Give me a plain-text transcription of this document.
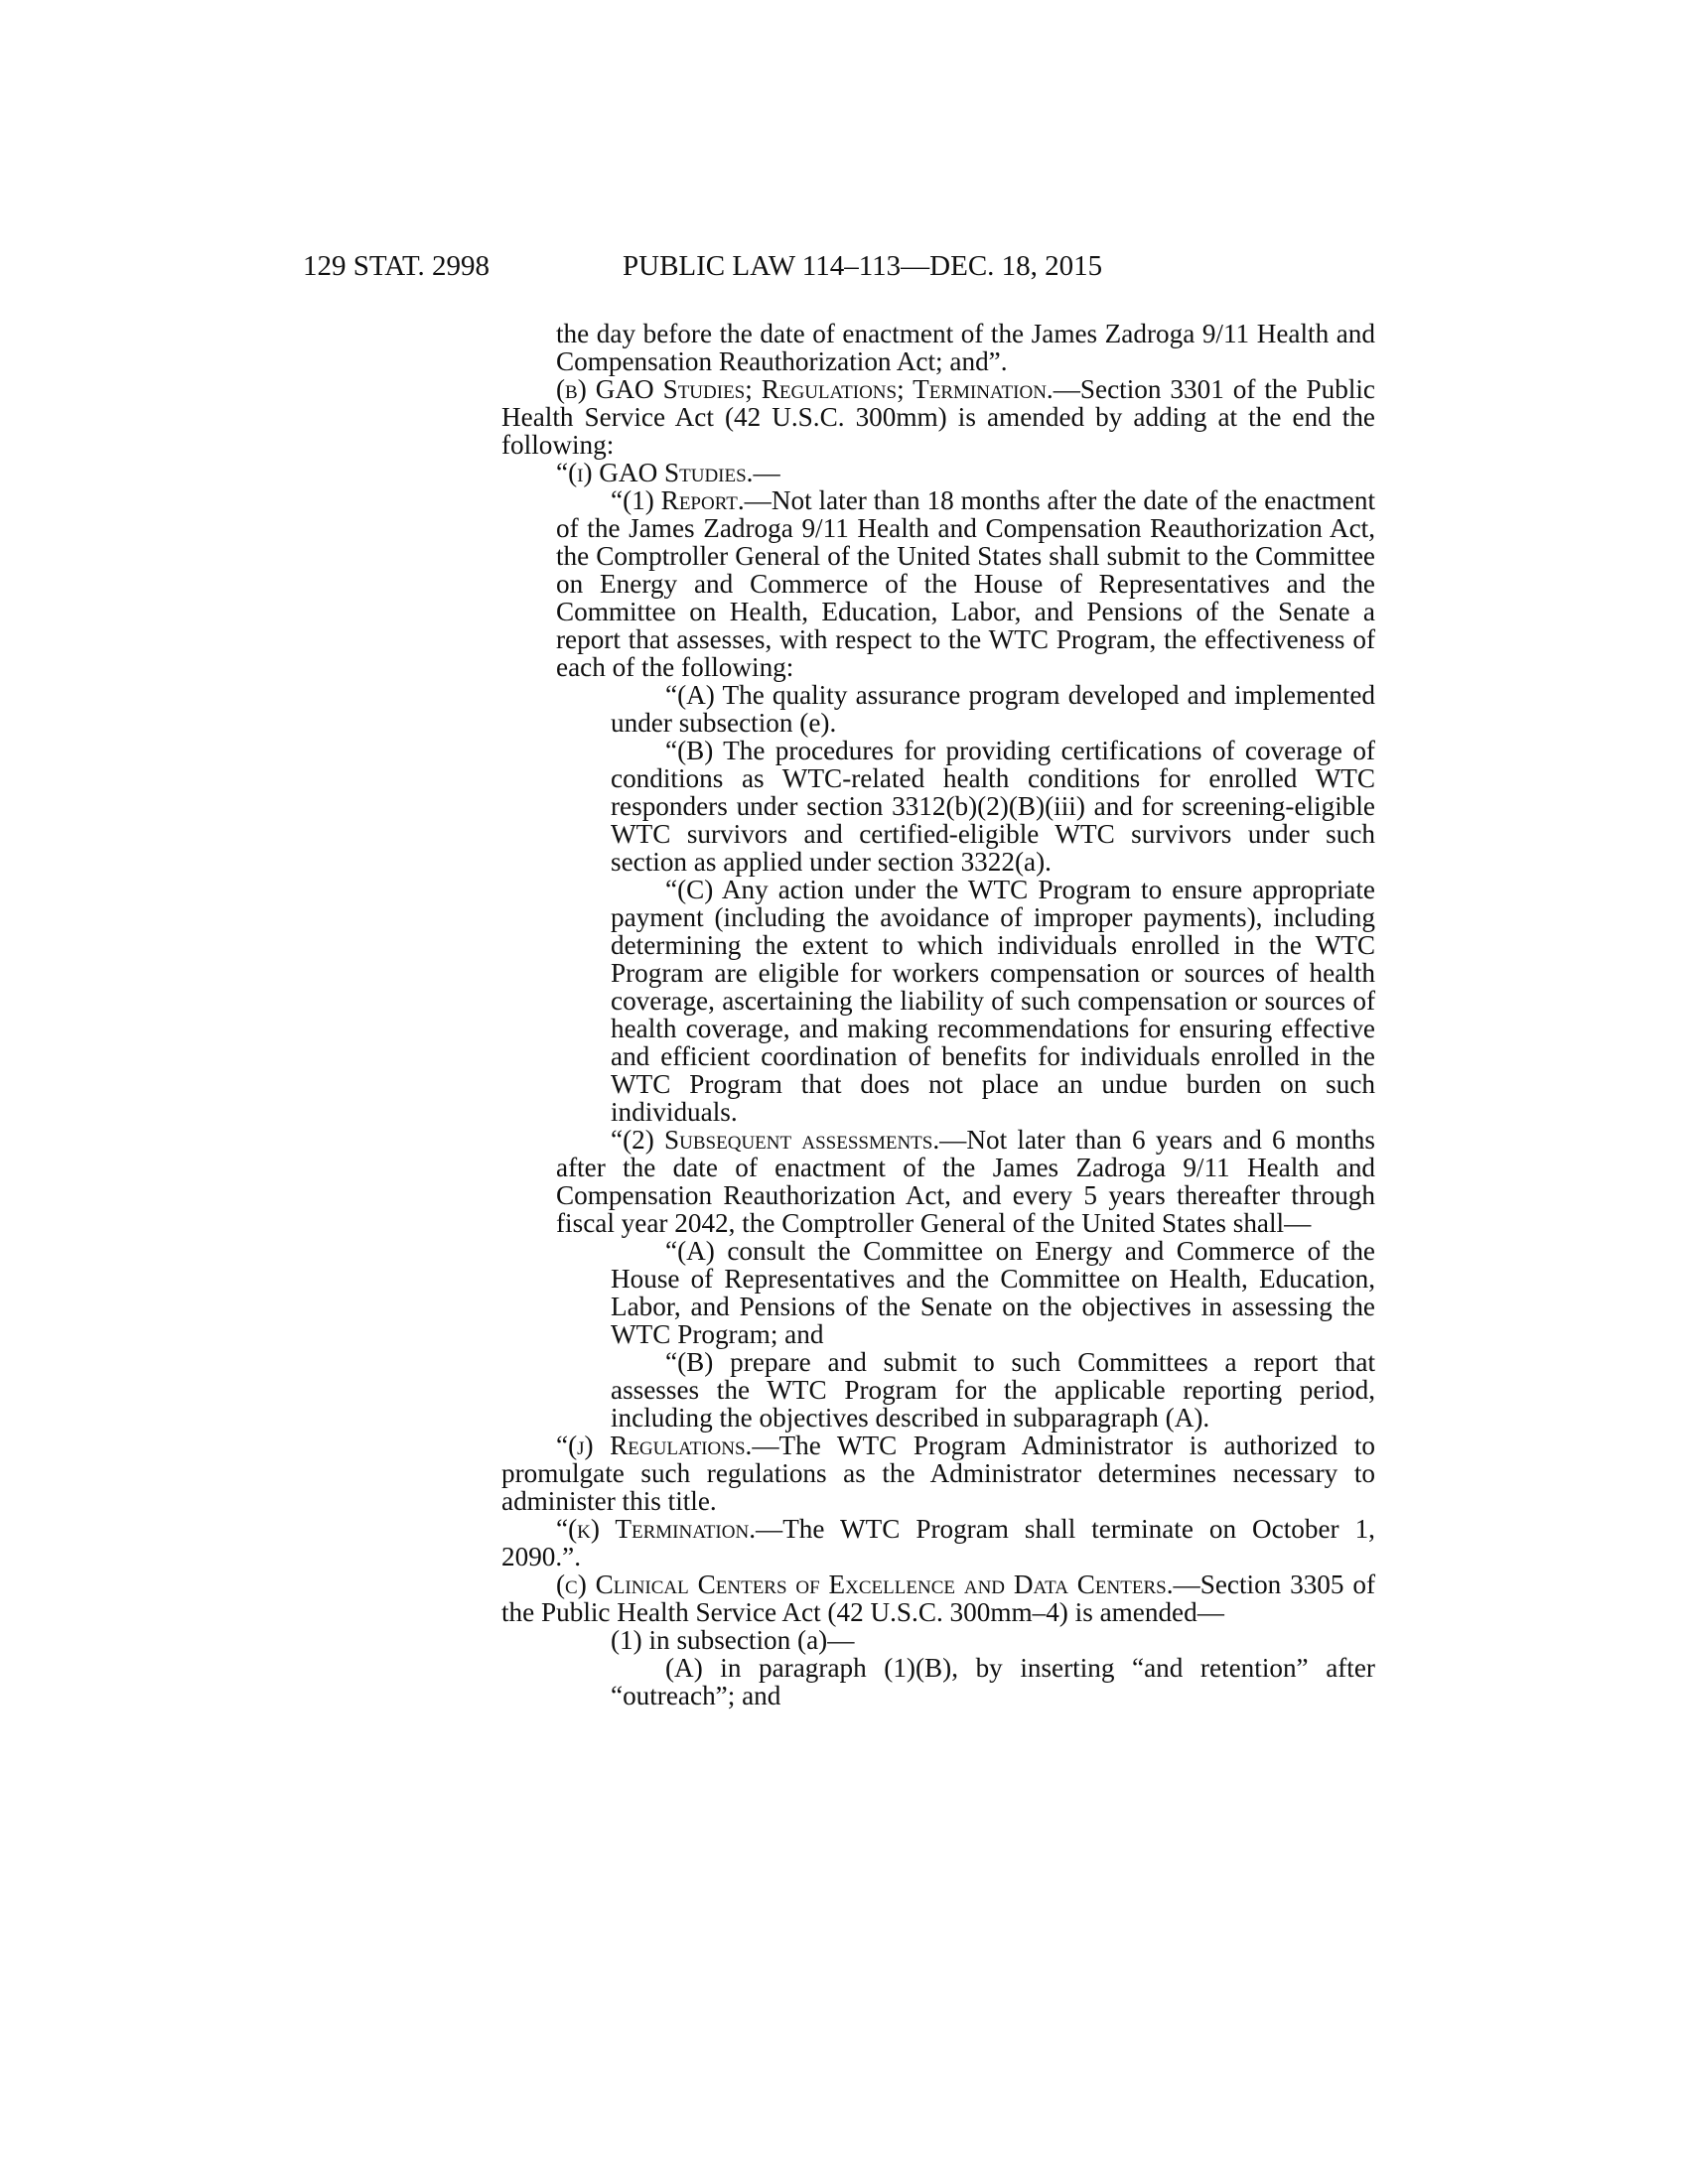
129 STAT. 2998	PUBLIC LAW 114–113—DEC. 18, 2015

the day before the date of enactment of the James Zadroga 9/11 Health and Compensation Reauthorization Act; and”.

(b) GAO Studies; Regulations; Termination.—Section 3301 of the Public Health Service Act (42 U.S.C. 300mm) is amended by adding at the end the following:

“(i) GAO Studies.—

“(1) Report.—Not later than 18 months after the date of the enactment of the James Zadroga 9/11 Health and Compensation Reauthorization Act, the Comptroller General of the United States shall submit to the Committee on Energy and Commerce of the House of Representatives and the Committee on Health, Education, Labor, and Pensions of the Senate a report that assesses, with respect to the WTC Program, the effectiveness of each of the following:

“(A) The quality assurance program developed and implemented under subsection (e).

“(B) The procedures for providing certifications of coverage of conditions as WTC-related health conditions for enrolled WTC responders under section 3312(b)(2)(B)(iii) and for screening-eligible WTC survivors and certified-eligible WTC survivors under such section as applied under section 3322(a).

“(C) Any action under the WTC Program to ensure appropriate payment (including the avoidance of improper payments), including determining the extent to which individuals enrolled in the WTC Program are eligible for workers compensation or sources of health coverage, ascertaining the liability of such compensation or sources of health coverage, and making recommendations for ensuring effective and efficient coordination of benefits for individuals enrolled in the WTC Program that does not place an undue burden on such individuals.

“(2) Subsequent assessments.—Not later than 6 years and 6 months after the date of enactment of the James Zadroga 9/11 Health and Compensation Reauthorization Act, and every 5 years thereafter through fiscal year 2042, the Comptroller General of the United States shall—

“(A) consult the Committee on Energy and Commerce of the House of Representatives and the Committee on Health, Education, Labor, and Pensions of the Senate on the objectives in assessing the WTC Program; and

“(B) prepare and submit to such Committees a report that assesses the WTC Program for the applicable reporting period, including the objectives described in subparagraph (A).

“(j) Regulations.—The WTC Program Administrator is authorized to promulgate such regulations as the Administrator determines necessary to administer this title.

“(k) Termination.—The WTC Program shall terminate on October 1, 2090.”.

(c) Clinical Centers of Excellence and Data Centers.—Section 3305 of the Public Health Service Act (42 U.S.C. 300mm–4) is amended—

(1) in subsection (a)—

(A) in paragraph (1)(B), by inserting “and retention” after “outreach”; and
